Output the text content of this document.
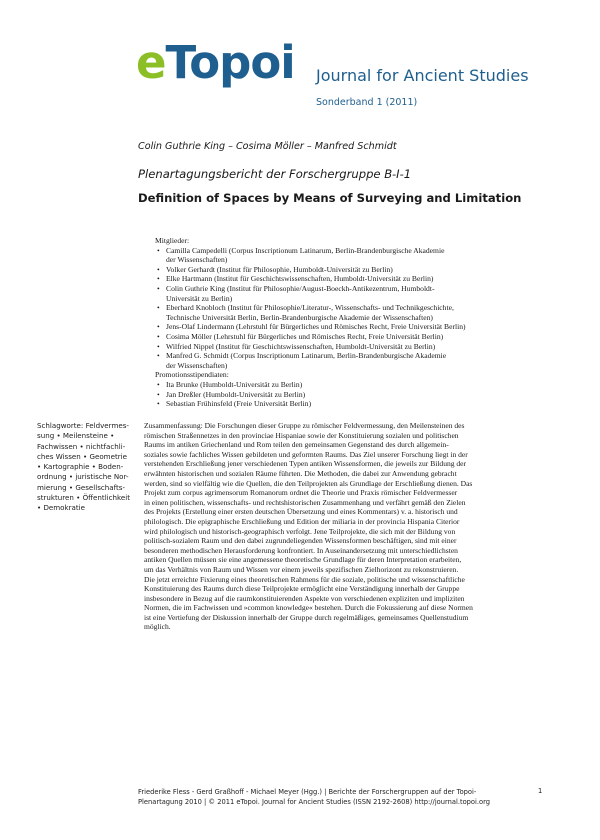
eTopoi Journal for Ancient Studies
Sonderband 1 (2011)
Colin Guthrie King – Cosima Möller – Manfred Schmidt
Plenartagungsbericht der Forschergruppe B-I-1
Definition of Spaces by Means of Surveying and Limitation
Mitglieder:
• Camilla Campedelli (Corpus Inscriptionum Latinarum, Berlin-Brandenburgische Akademie
der Wissenschaften)
• Volker Gerhardt (Institut für Philosophie, Humboldt-Universität zu Berlin)
• Elke Hartmann (Institut für Geschichtswissenschaften, Humboldt-Universität zu Berlin)
• Colin Guthrie King (Institut für Philosophie/August-Boeckh-Antikezentrum, Humboldt-
Universität zu Berlin)
• Eberhard Knobloch (Institut für Philosophie/Literatur-, Wissenschafts- und Technikgeschichte,
Technische Universität Berlin, Berlin-Brandenburgische Akademie der Wissenschaften)
• Jens-Olaf Lindermann (Lehrstuhl für Bürgerliches und Römisches Recht, Freie Universität Berlin)
• Cosima Möller (Lehrstuhl für Bürgerliches und Römisches Recht, Freie Universität Berlin)
• Wilfried Nippel (Institut für Geschichtswissenschaften, Humboldt-Universität zu Berlin)
• Manfred G. Schmidt (Corpus Inscriptionum Latinarum, Berlin-Brandenburgische Akademie
der Wissenschaften)
Promotionsstipendiaten:
• Ita Brunke (Humboldt-Universität zu Berlin)
• Jan Dreßler (Humboldt-Universität zu Berlin)
• Sebastian Frühinsfeld (Freie Universität Berlin)
Schlagworte: Feldvermes-
sung • Meilensteine •
Fachwissen • nichtfachli-
ches Wissen • Geometrie
• Kartographie • Boden-
ordnung • juristische Nor-
mierung • Gesellschafts-
strukturen • Öffentlichkeit
• Demokratie
Zusammenfassung: Die Forschungen dieser Gruppe zu römischer Feldvermessung, den Meilensteinen des
römischen Straßennetzes in den provinciae Hispaniae sowie der Konstituierung sozialen und politischen
Raums im antiken Griechenland und Rom teilen den gemeinsamen Gegenstand des durch allgemein-
soziales sowie fachliches Wissen gebildeten und geformten Raums. Das Ziel unserer Forschung liegt in der
verstehenden Erschließung jener verschiedenen Typen antiken Wissensformen, die jeweils zur Bildung der
erwähnten historischen und sozialen Räume führten. Die Methoden, die dabei zur Anwendung gebracht
werden, sind so vielfältig wie die Quellen, die den Teilprojekten als Grundlage der Erschließung dienen. Das
Projekt zum corpus agrimensorum Romanorum ordnet die Theorie und Praxis römischer Feldvermesser
in einen politischen, wissenschafts- und rechtshistorischen Zusammenhang und verfährt gemäß den Zielen
des Projekts (Erstellung einer ersten deutschen Übersetzung und eines Kommentars) v. a. historisch und
philologisch. Die epigraphische Erschließung und Edition der miliaria in der provincia Hispania Citerior
wird philologisch und historisch-geographisch verfolgt. Jene Teilprojekte, die sich mit der Bildung von
politisch-sozialem Raum und den dabei zugrundeliegenden Wissensformen beschäftigen, sind mit einer
besonderen methodischen Herausforderung konfrontiert. In Auseinandersetzung mit unterschiedlichsten
antiken Quellen müssen sie eine angemessene theoretische Grundlage für deren Interpretation erarbeiten,
um das Verhältnis von Raum und Wissen vor einem jeweils spezifischen Zielhorizont zu rekonstruieren.
Die jetzt erreichte Fixierung eines theoretischen Rahmens für die soziale, politische und wissenschaftliche
Konstituierung des Raums durch diese Teilprojekte ermöglicht eine Verständigung innerhalb der Gruppe
insbesondere in Bezug auf die raumkonstituierenden Aspekte von verschiedenen expliziten und impliziten
Normen, die im Fachwissen und »common knowledge« bestehen. Durch die Fokussierung auf diese Normen
ist eine Vertiefung der Diskussion innerhalb der Gruppe durch regelmäßiges, gemeinsames Quellenstudium
möglich.
Friederike Fless - Gerd Graßhoff - Michael Meyer (Hgg.) | Berichte der Forschergruppen auf der Topoi-
Plenartagung 2010 | © 2011 eTopoi. Journal for Ancient Studies (ISSN 2192-2608) http://journal.topoi.org
1
